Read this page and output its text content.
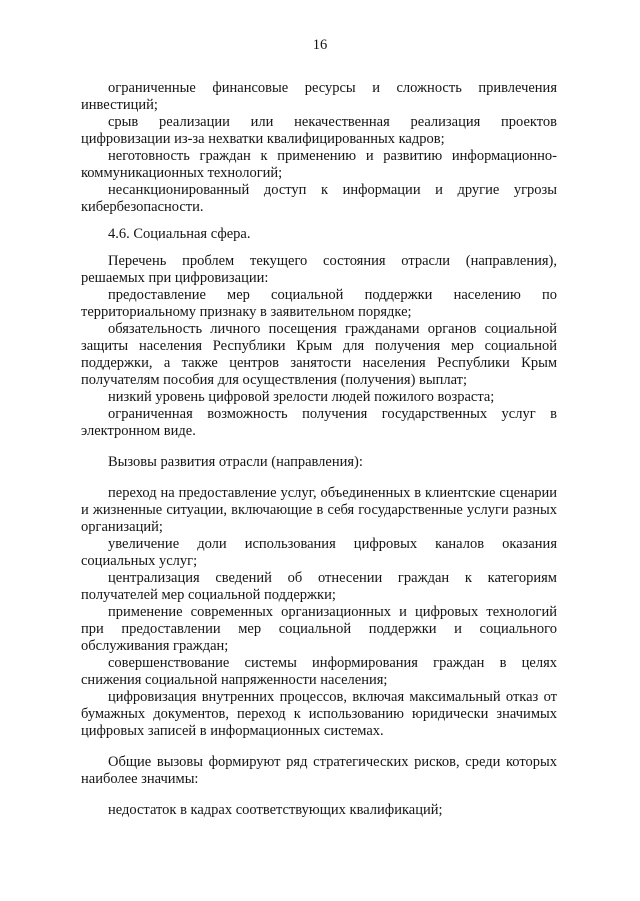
16

ограниченные финансовые ресурсы и сложность привлечения инвестиций;

срыв реализации или некачественная реализация проектов цифровизации из-за нехватки квалифицированных кадров;

неготовность граждан к применению и развитию информационно-коммуникационных технологий;

несанкционированный доступ к информации и другие угрозы кибербезопасности.

4.6. Социальная сфера.

Перечень проблем текущего состояния отрасли (направления), решаемых при цифровизации:

предоставление мер социальной поддержки населению по территориальному признаку в заявительном порядке;

обязательность личного посещения гражданами органов социальной защиты населения Республики Крым для получения мер социальной поддержки, а также центров занятости населения Республики Крым получателям пособия для осуществления (получения) выплат;

низкий уровень цифровой зрелости людей пожилого возраста;

ограниченная возможность получения государственных услуг в электронном виде.

Вызовы развития отрасли (направления):

переход на предоставление услуг, объединенных в клиентские сценарии и жизненные ситуации, включающие в себя государственные услуги разных организаций;

увеличение доли использования цифровых каналов оказания социальных услуг;

централизация сведений об отнесении граждан к категориям получателей мер социальной поддержки;

применение современных организационных и цифровых технологий при предоставлении мер социальной поддержки и социального обслуживания граждан;

совершенствование системы информирования граждан в целях снижения социальной напряженности населения;

цифровизация внутренних процессов, включая максимальный отказ от бумажных документов, переход к использованию юридически значимых цифровых записей в информационных системах.

Общие вызовы формируют ряд стратегических рисков, среди которых наиболее значимы:

недостаток в кадрах соответствующих квалификаций;
